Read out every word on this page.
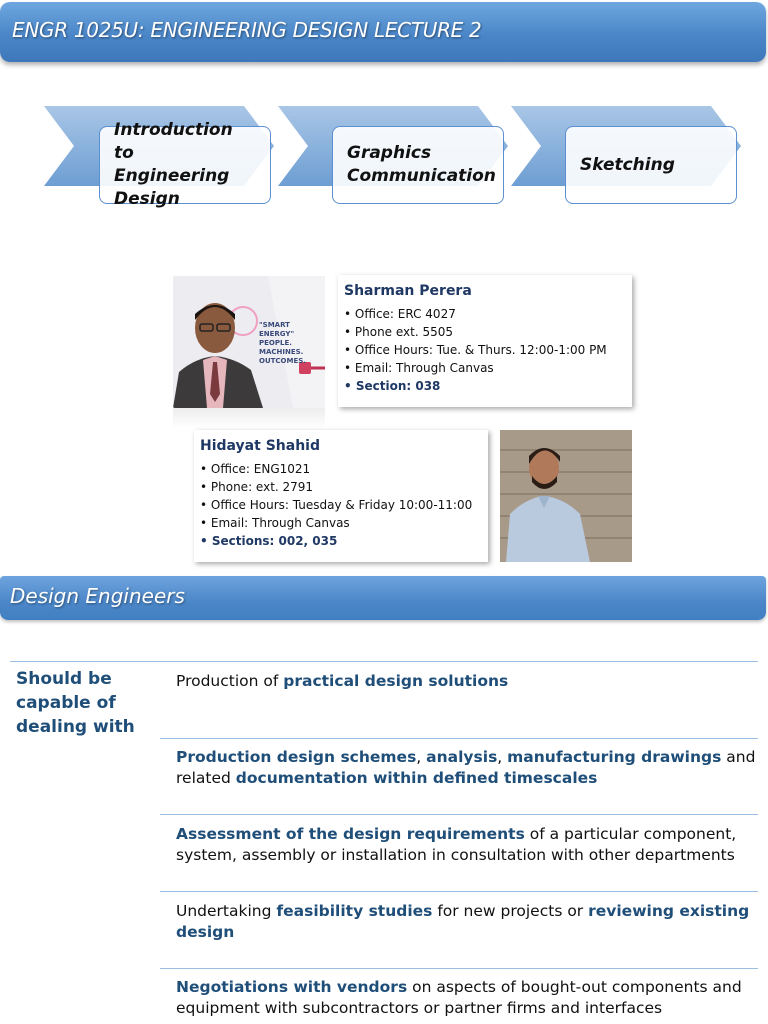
ENGR 1025U: ENGINEERING DESIGN LECTURE 2
Introduction to Engineering Design
Graphics Communication
Sketching
"SMART ENERGY" PEOPLE. MACHINES. OUTCOMES.
Sharman Perera
• Office: ERC 4027
• Phone ext. 5505
• Office Hours: Tue. & Thurs. 12:00-1:00 PM
• Email: Through Canvas
• Section: 038
Hidayat Shahid
• Office: ENG1021
• Phone: ext. 2791
• Office Hours: Tuesday & Friday 10:00-11:00
• Email: Through Canvas
• Sections: 002, 035
Design Engineers
Should be capable of dealing with
Production of practical design solutions
Production design schemes, analysis, manufacturing drawings and related documentation within defined timescales
Assessment of the design requirements of a particular component, system, assembly or installation in consultation with other departments
Undertaking feasibility studies for new projects or reviewing existing design
Negotiations with vendors on aspects of bought-out components and equipment with subcontractors or partner firms and interfaces
